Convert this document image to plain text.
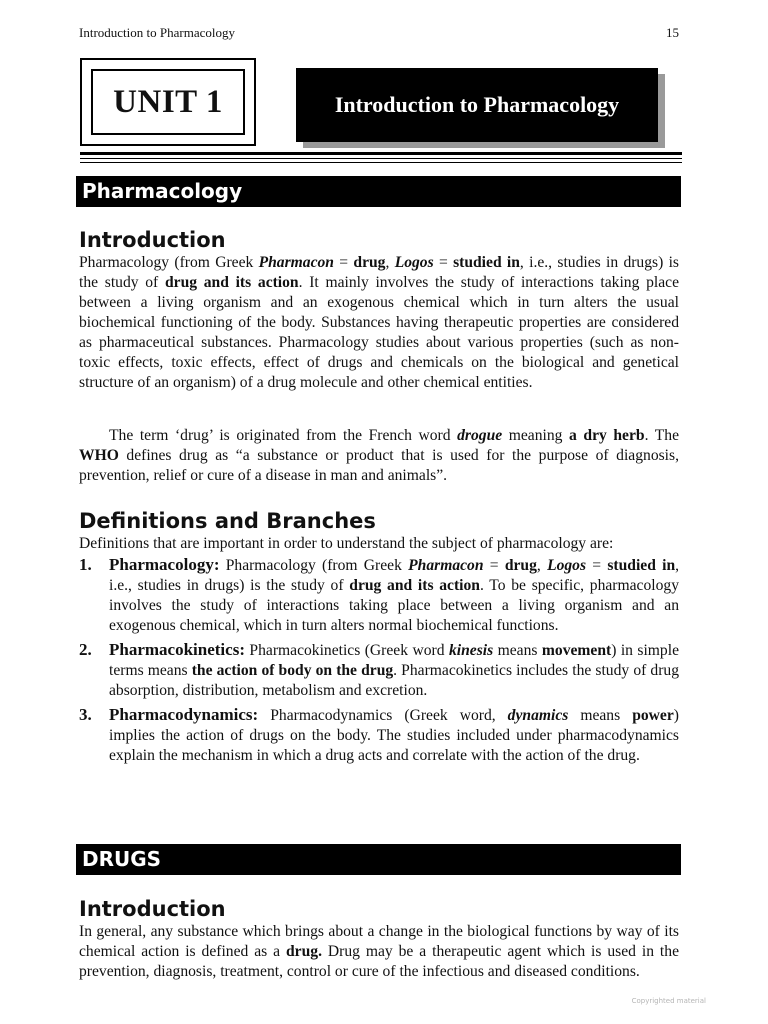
Introduction to Pharmacology	15
UNIT 1	Introduction to Pharmacology
Pharmacology
Introduction
Pharmacology (from Greek Pharmacon = drug, Logos = studied in, i.e., studies in drugs) is the study of drug and its action. It mainly involves the study of interactions taking place between a living organism and an exogenous chemical which in turn alters the usual biochemical functioning of the body. Substances having therapeutic properties are considered as pharmaceutical substances. Pharmacology studies about various properties (such as non-toxic effects, toxic effects, effect of drugs and chemicals on the biological and genetical structure of an organism) of a drug molecule and other chemical entities.
The term ‘drug’ is originated from the French word drogue meaning a dry herb. The WHO defines drug as “a substance or product that is used for the purpose of diagnosis, prevention, relief or cure of a disease in man and animals”.
Definitions and Branches
Definitions that are important in order to understand the subject of pharmacology are:
1. Pharmacology: Pharmacology (from Greek Pharmacon = drug, Logos = studied in, i.e., studies in drugs) is the study of drug and its action. To be specific, pharmacology involves the study of interactions taking place between a living organism and an exogenous chemical, which in turn alters normal biochemical functions.
2. Pharmacokinetics: Pharmacokinetics (Greek word kinesis means movement) in simple terms means the action of body on the drug. Pharmacokinetics includes the study of drug absorption, distribution, metabolism and excretion.
3. Pharmacodynamics: Pharmacodynamics (Greek word, dynamics means power) implies the action of drugs on the body. The studies included under pharmacodynamics explain the mechanism in which a drug acts and correlate with the action of the drug.
DRUGS
Introduction
In general, any substance which brings about a change in the biological functions by way of its chemical action is defined as a drug. Drug may be a therapeutic agent which is used in the prevention, diagnosis, treatment, control or cure of the infectious and diseased conditions.
Copyrighted material
